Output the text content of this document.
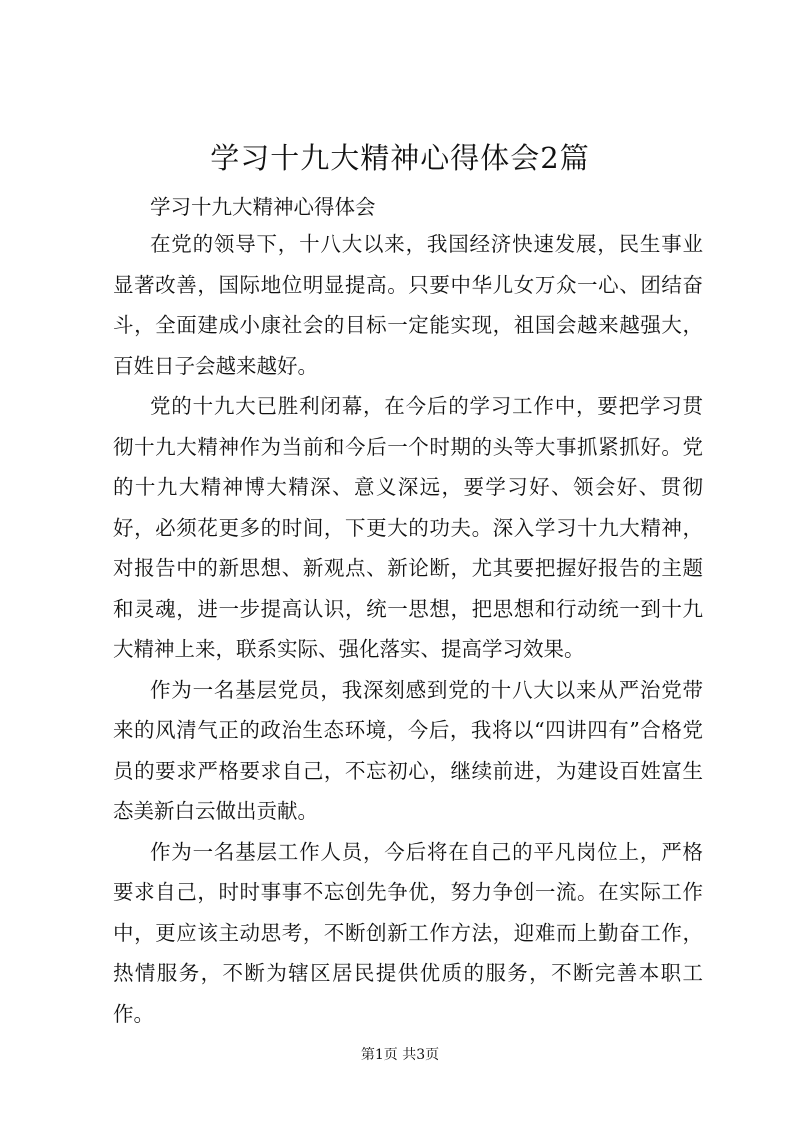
学习十九大精神心得体会2篇

学习十九大精神心得体会

在党的领导下，十八大以来，我国经济快速发展，民生事业显著改善，国际地位明显提高。只要中华儿女万众一心、团结奋斗，全面建成小康社会的目标一定能实现，祖国会越来越强大，百姓日子会越来越好。

党的十九大已胜利闭幕，在今后的学习工作中，要把学习贯彻十九大精神作为当前和今后一个时期的头等大事抓紧抓好。党的十九大精神博大精深、意义深远，要学习好、领会好、贯彻好，必须花更多的时间，下更大的功夫。深入学习十九大精神，对报告中的新思想、新观点、新论断，尤其要把握好报告的主题和灵魂，进一步提高认识，统一思想，把思想和行动统一到十九大精神上来，联系实际、强化落实、提高学习效果。

作为一名基层党员，我深刻感到党的十八大以来从严治党带来的风清气正的政治生态环境，今后，我将以“四讲四有”合格党员的要求严格要求自己，不忘初心，继续前进，为建设百姓富生态美新白云做出贡献。

作为一名基层工作人员，今后将在自己的平凡岗位上，严格要求自己，时时事事不忘创先争优，努力争创一流。在实际工作中，更应该主动思考，不断创新工作方法，迎难而上勤奋工作，热情服务，不断为辖区居民提供优质的服务，不断完善本职工作。

第1页 共3页
